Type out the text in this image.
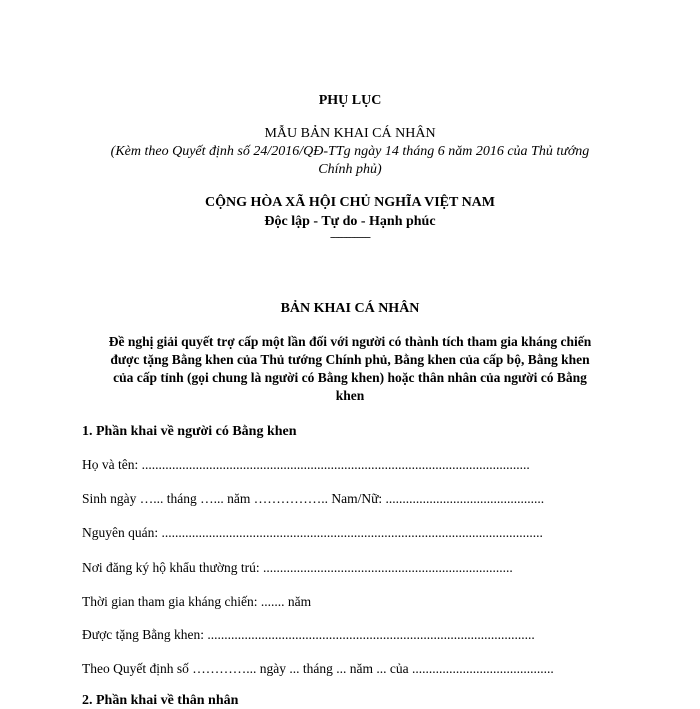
PHỤ LỤC
MẪU BẢN KHAI CÁ NHÂN
(Kèm theo Quyết định số 24/2016/QĐ-TTg ngày 14 tháng 6 năm 2016 của Thủ tướng
Chính phủ)
CỘNG HÒA XÃ HỘI CHỦ NGHĨA VIỆT NAM
Độc lập - Tự do - Hạnh phúc
---------------
BẢN KHAI CÁ NHÂN
Đề nghị giải quyết trợ cấp một lần đối với người có thành tích tham gia kháng chiến
được tặng Bằng khen của Thủ tướng Chính phủ, Bằng khen của cấp bộ, Bằng khen
của cấp tỉnh (gọi chung là người có Bằng khen) hoặc thân nhân của người có Bằng
khen
1. Phần khai về người có Bằng khen
Họ và tên: ...................................................................................................................
Sinh ngày …... tháng …... năm …………….. Nam/Nữ: ...............................................
Nguyên quán: .................................................................................................................
Nơi đăng ký hộ khẩu thường trú: ..........................................................................
Thời gian tham gia kháng chiến: ....... năm
Được tặng Bằng khen: .................................................................................................
Theo Quyết định số …………... ngày ... tháng ... năm ... của ..........................................
2. Phần khai về thân nhân
